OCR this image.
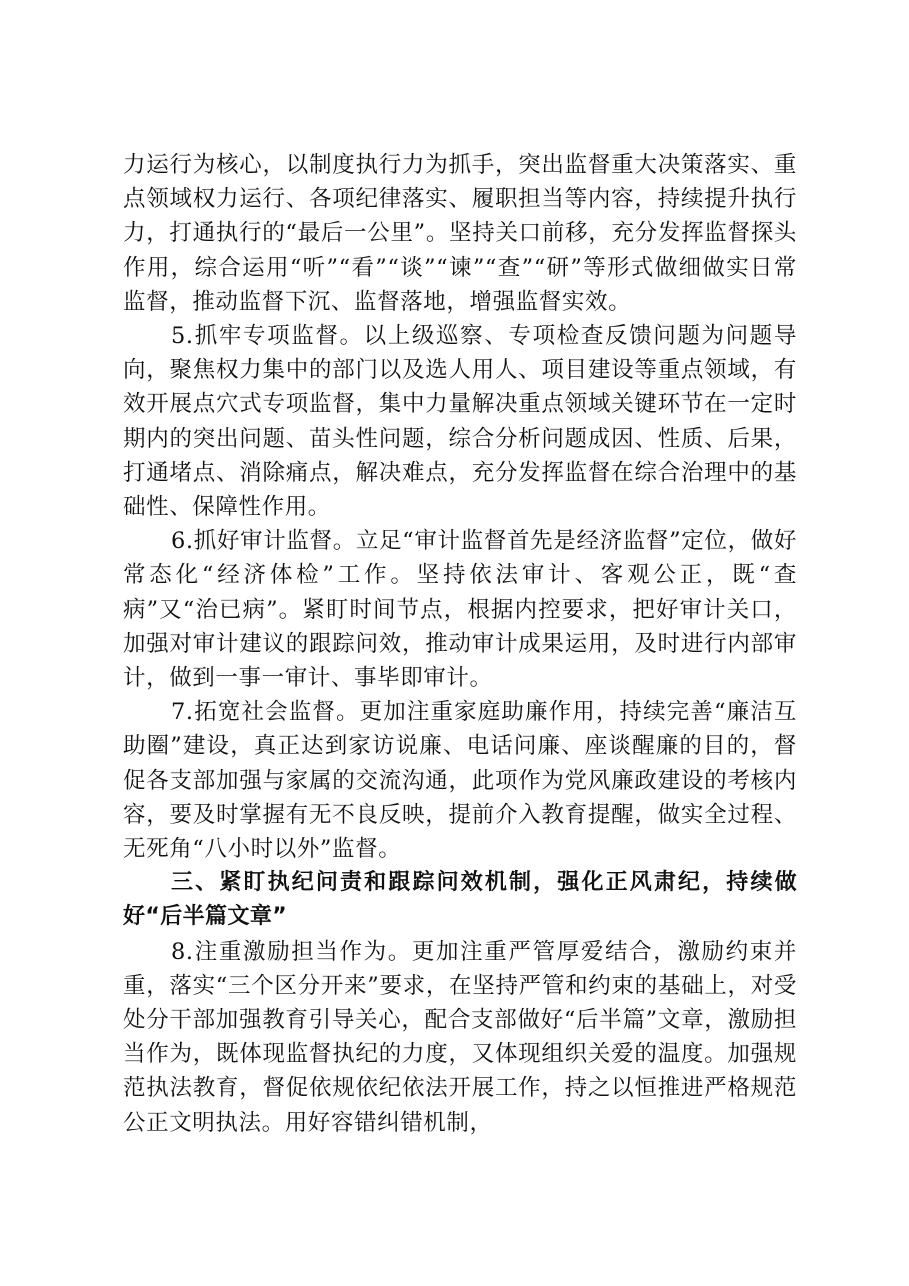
力运行为核心，以制度执行力为抓手，突出监督重大决策落实、重点领域权力运行、各项纪律落实、履职担当等内容，持续提升执行力，打通执行的“最后一公里”。坚持关口前移，充分发挥监督探头作用，综合运用“听”“看”“谈”“谏”“查”“研”等形式做细做实日常监督，推动监督下沉、监督落地，增强监督实效。

5.抓牢专项监督。以上级巡察、专项检查反馈问题为问题导向，聚焦权力集中的部门以及选人用人、项目建设等重点领域，有效开展点穴式专项监督，集中力量解决重点领域关键环节在一定时期内的突出问题、苗头性问题，综合分析问题成因、性质、后果，打通堵点、消除痛点，解决难点，充分发挥监督在综合治理中的基础性、保障性作用。

6.抓好审计监督。立足“审计监督首先是经济监督”定位，做好常态化“经济体检”工作。坚持依法审计、客观公正，既“查病”又“治已病”。紧盯时间节点，根据内控要求，把好审计关口，加强对审计建议的跟踪问效，推动审计成果运用，及时进行内部审计，做到一事一审计、事毕即审计。

7.拓宽社会监督。更加注重家庭助廉作用，持续完善“廉洁互助圈”建设，真正达到家访说廉、电话问廉、座谈醒廉的目的，督促各支部加强与家属的交流沟通，此项作为党风廉政建设的考核内容，要及时掌握有无不良反映，提前介入教育提醒，做实全过程、无死角“八小时以外”监督。

三、紧盯执纪问责和跟踪问效机制，强化正风肃纪，持续做好“后半篇文章”

8.注重激励担当作为。更加注重严管厚爱结合，激励约束并重，落实“三个区分开来”要求，在坚持严管和约束的基础上，对受处分干部加强教育引导关心，配合支部做好“后半篇”文章，激励担当作为，既体现监督执纪的力度，又体现组织关爱的温度。加强规范执法教育，督促依规依纪依法开展工作，持之以恒推进严格规范公正文明执法。用好容错纠错机制，
